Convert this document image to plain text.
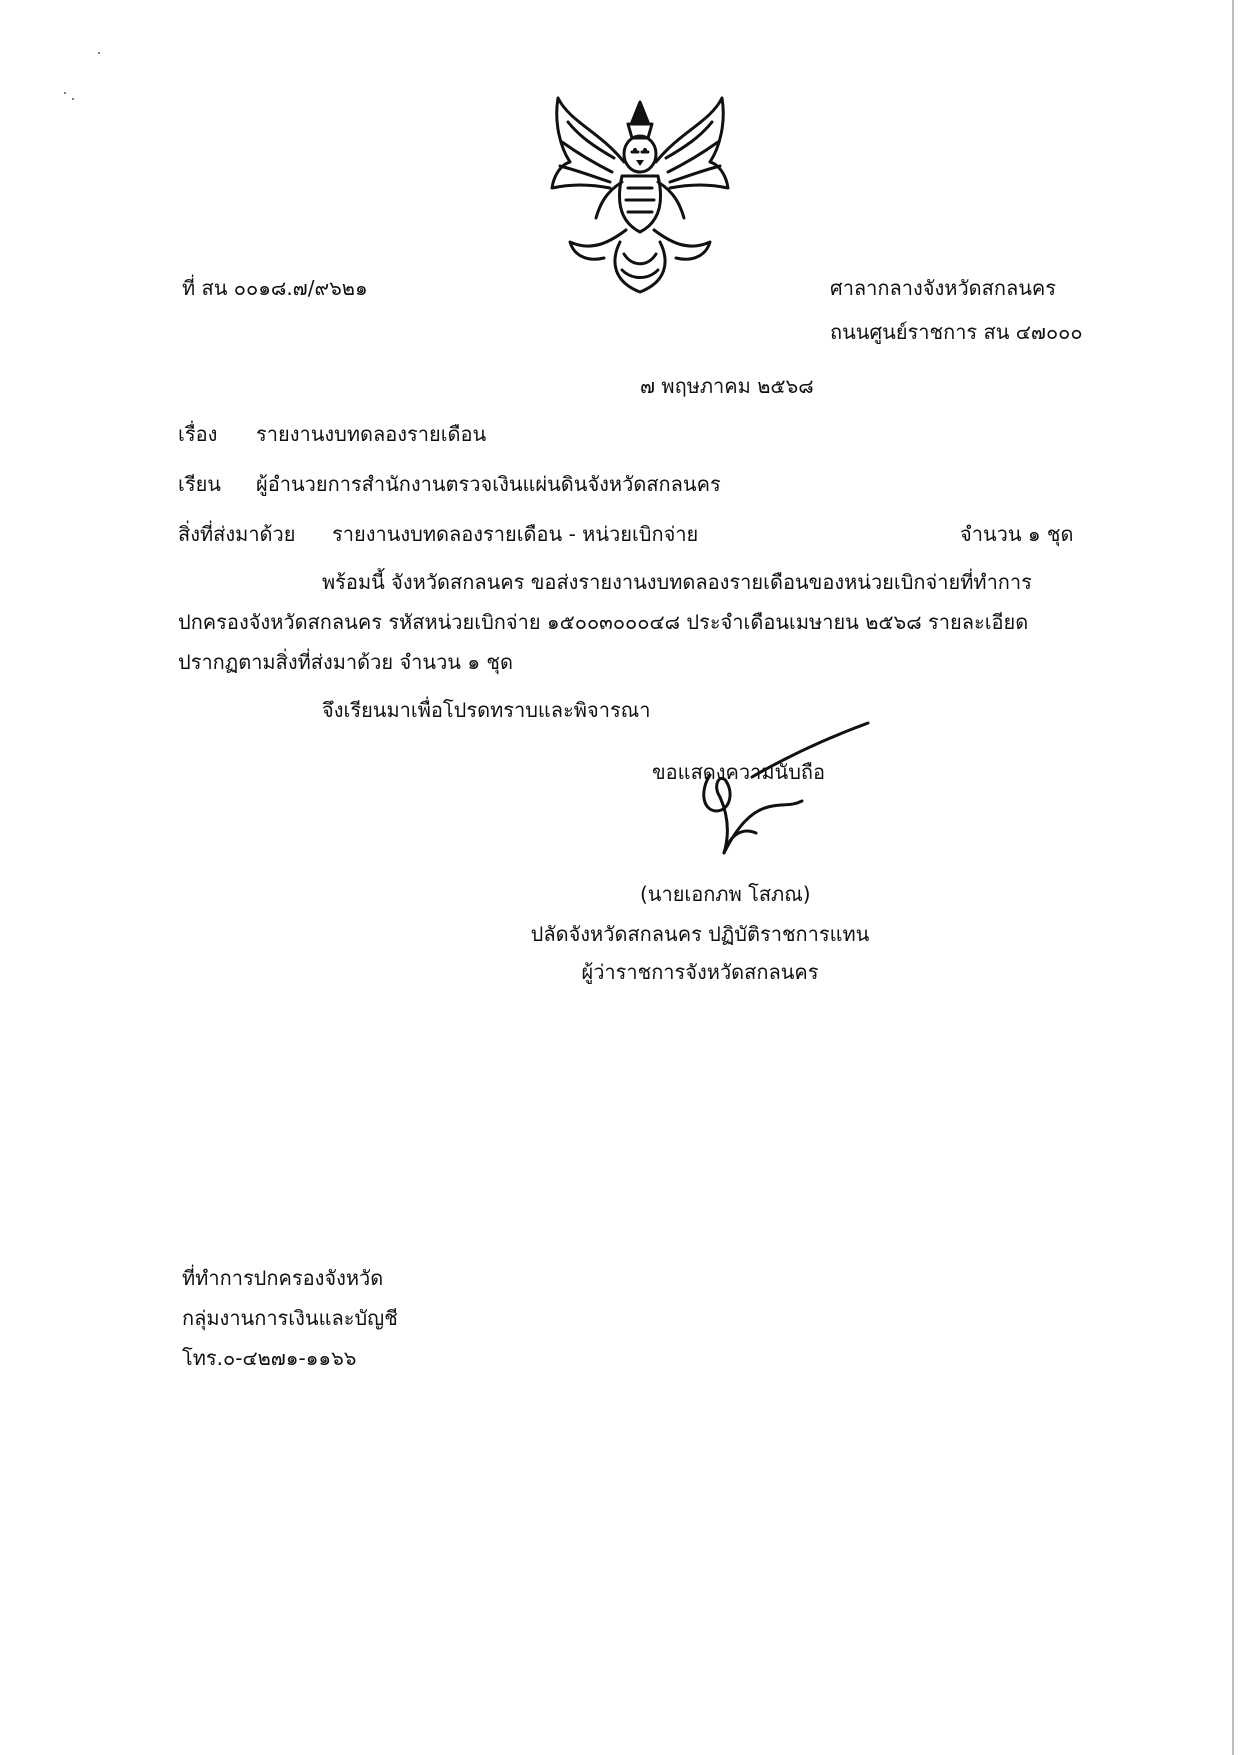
ที่ สน ๐๐๑๘.๗/๙๖๒๑	ศาลากลางจังหวัดสกลนคร
ถนนศูนย์ราชการ สน ๔๗๐๐๐
๗ พฤษภาคม ๒๕๖๘
เรื่อง รายงานงบทดลองรายเดือน
เรียน ผู้อำนวยการสำนักงานตรวจเงินแผ่นดินจังหวัดสกลนคร
สิ่งที่ส่งมาด้วย รายงานงบทดลองรายเดือน - หน่วยเบิกจ่าย	จำนวน ๑ ชุด
พร้อมนี้ จังหวัดสกลนคร ขอส่งรายงานงบทดลองรายเดือนของหน่วยเบิกจ่ายที่ทำการ
ปกครองจังหวัดสกลนคร รหัสหน่วยเบิกจ่าย ๑๕๐๐๓๐๐๐๔๘ ประจำเดือนเมษายน ๒๕๖๘ รายละเอียด
ปรากฏตามสิ่งที่ส่งมาด้วย จำนวน ๑ ชุด
จึงเรียนมาเพื่อโปรดทราบและพิจารณา
ขอแสดงความนับถือ
(นายเอกภพ โสภณ)
ปลัดจังหวัดสกลนคร ปฏิบัติราชการแทน
ผู้ว่าราชการจังหวัดสกลนคร
ที่ทำการปกครองจังหวัด
กลุ่มงานการเงินและบัญชี
โทร.๐-๔๒๗๑-๑๑๖๖
